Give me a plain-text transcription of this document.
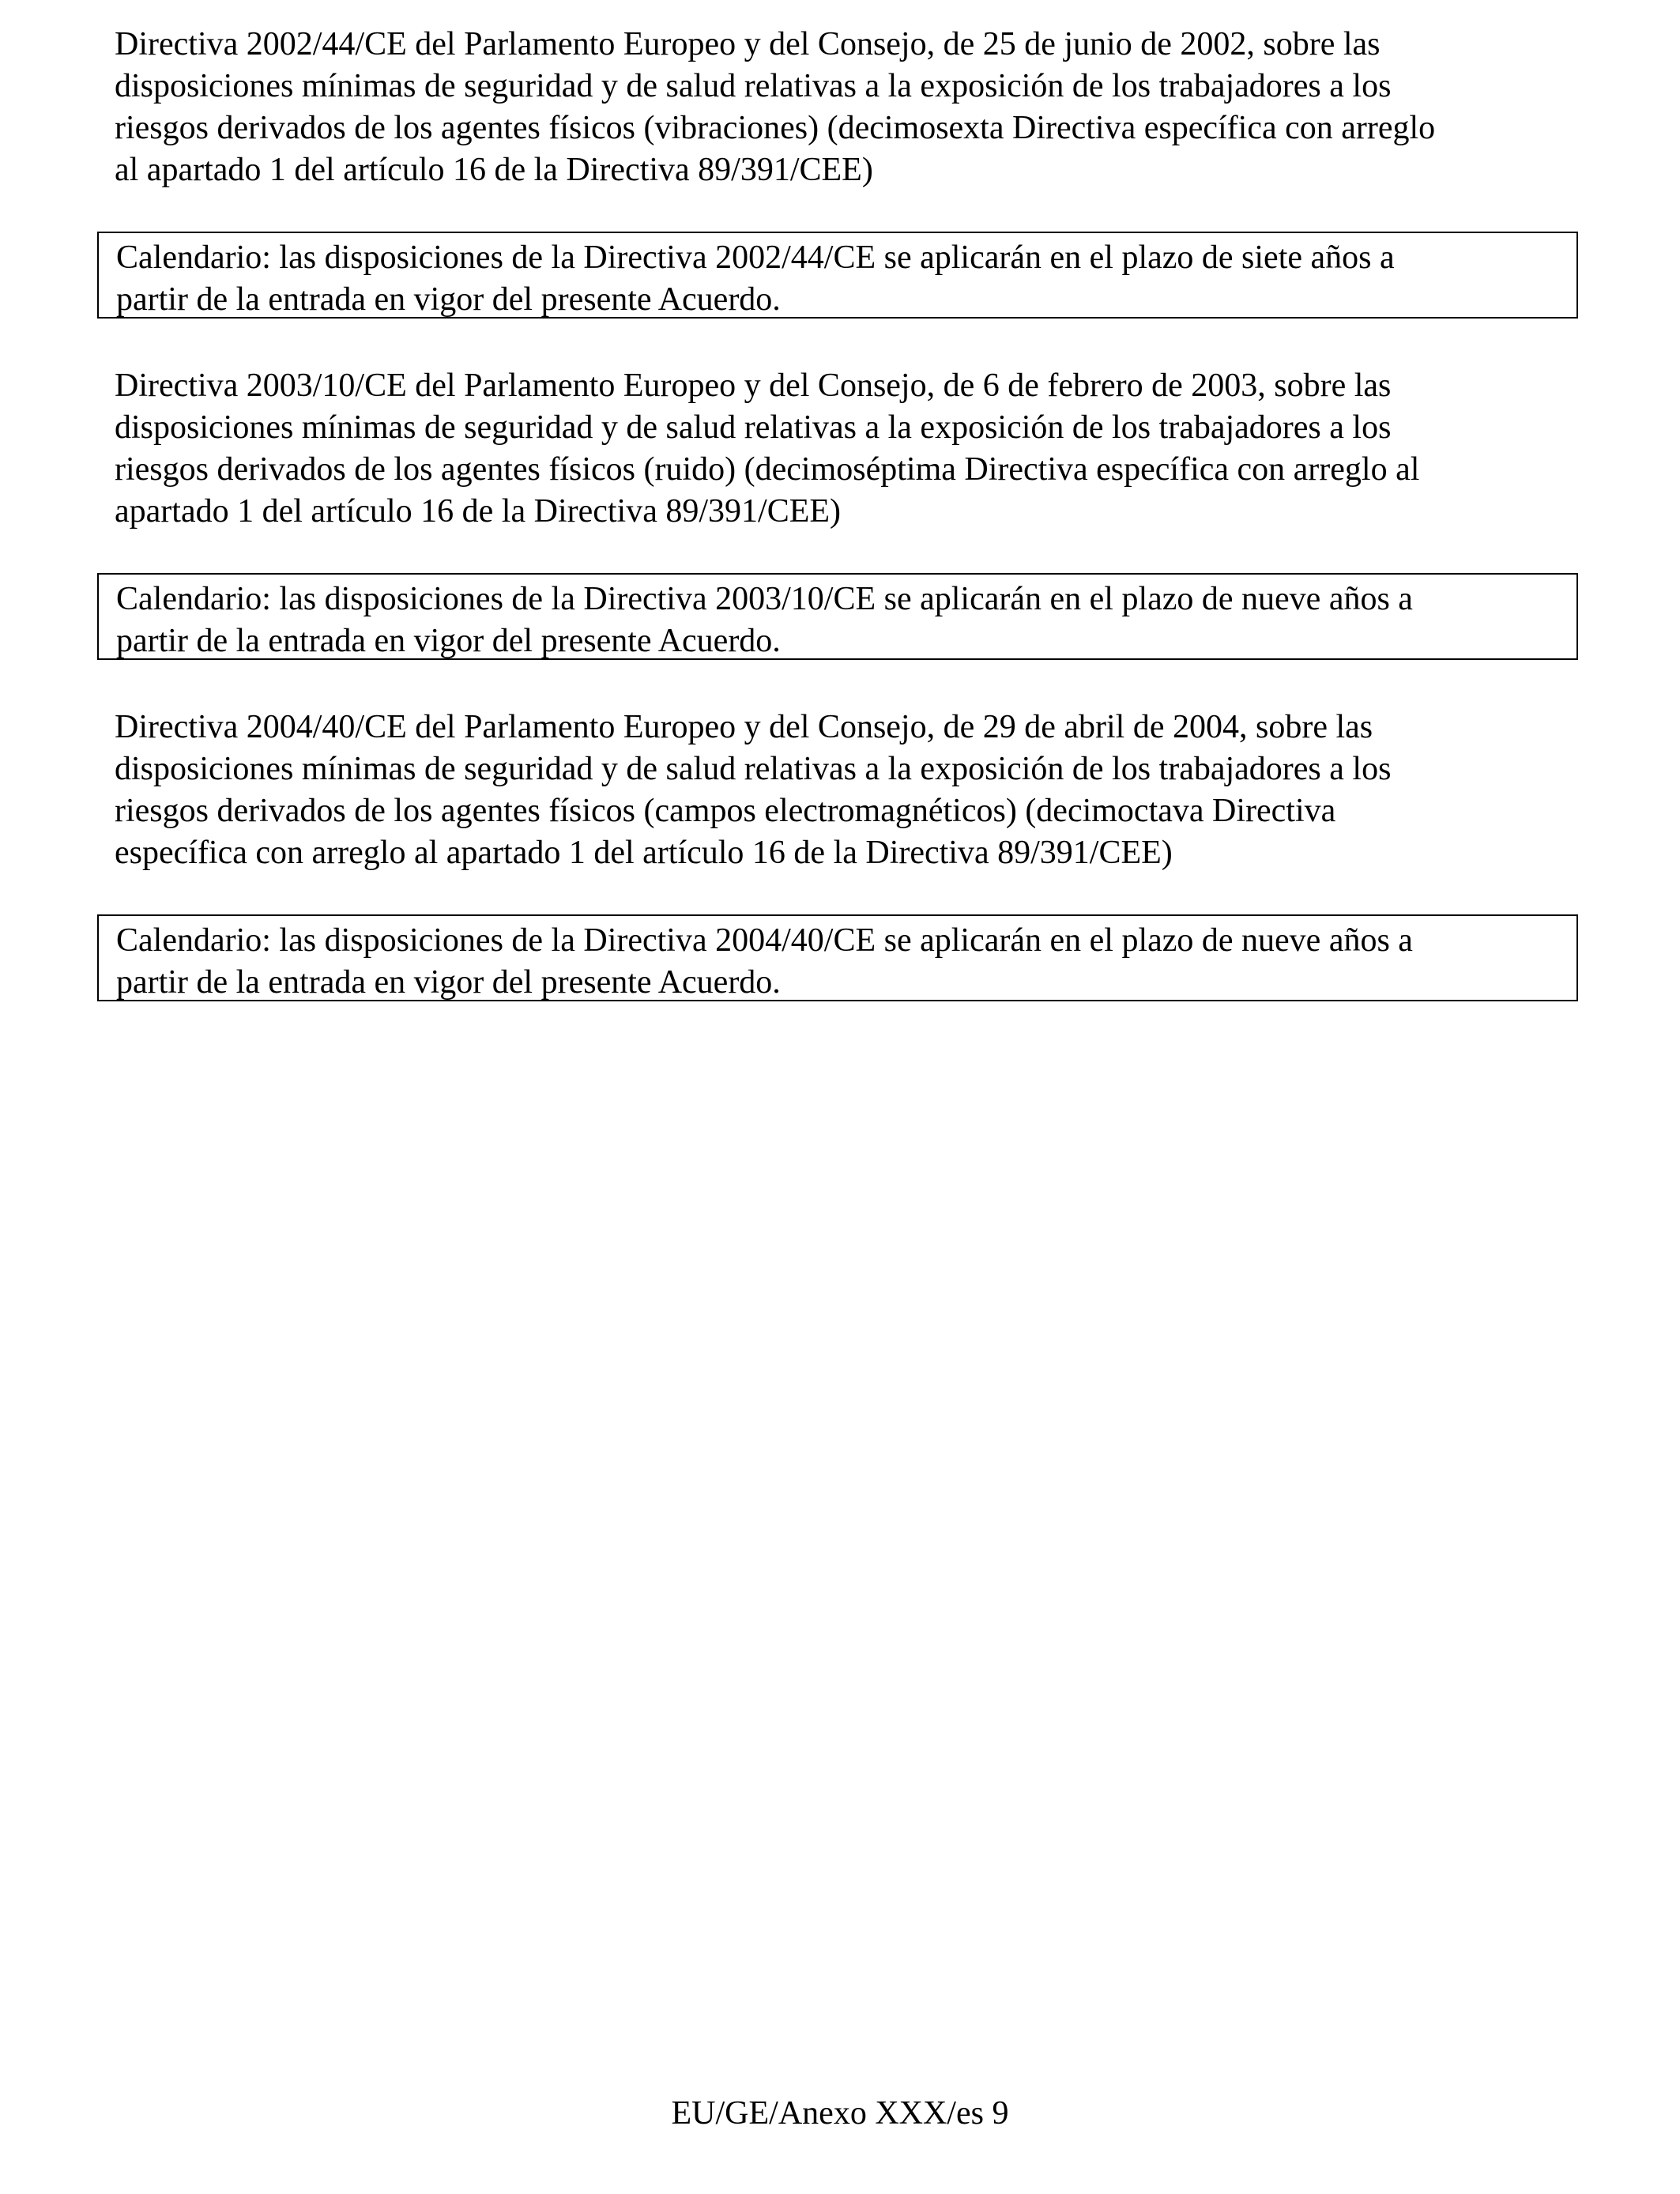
Directiva 2002/44/CE del Parlamento Europeo y del Consejo, de 25 de junio de 2002, sobre las
disposiciones mínimas de seguridad y de salud relativas a la exposición de los trabajadores a los
riesgos derivados de los agentes físicos (vibraciones) (decimosexta Directiva específica con arreglo
al apartado 1 del artículo 16 de la Directiva 89/391/CEE)

Calendario: las disposiciones de la Directiva 2002/44/CE se aplicarán en el plazo de siete años a
partir de la entrada en vigor del presente Acuerdo.

Directiva 2003/10/CE del Parlamento Europeo y del Consejo, de 6 de febrero de 2003, sobre las
disposiciones mínimas de seguridad y de salud relativas a la exposición de los trabajadores a los
riesgos derivados de los agentes físicos (ruido) (decimoséptima Directiva específica con arreglo al
apartado 1 del artículo 16 de la Directiva 89/391/CEE)

Calendario: las disposiciones de la Directiva 2003/10/CE se aplicarán en el plazo de nueve años a
partir de la entrada en vigor del presente Acuerdo.

Directiva 2004/40/CE del Parlamento Europeo y del Consejo, de 29 de abril de 2004, sobre las
disposiciones mínimas de seguridad y de salud relativas a la exposición de los trabajadores a los
riesgos derivados de los agentes físicos (campos electromagnéticos) (decimoctava Directiva
específica con arreglo al apartado 1 del artículo 16 de la Directiva 89/391/CEE)

Calendario: las disposiciones de la Directiva 2004/40/CE se aplicarán en el plazo de nueve años a
partir de la entrada en vigor del presente Acuerdo.

EU/GE/Anexo XXX/es 9
